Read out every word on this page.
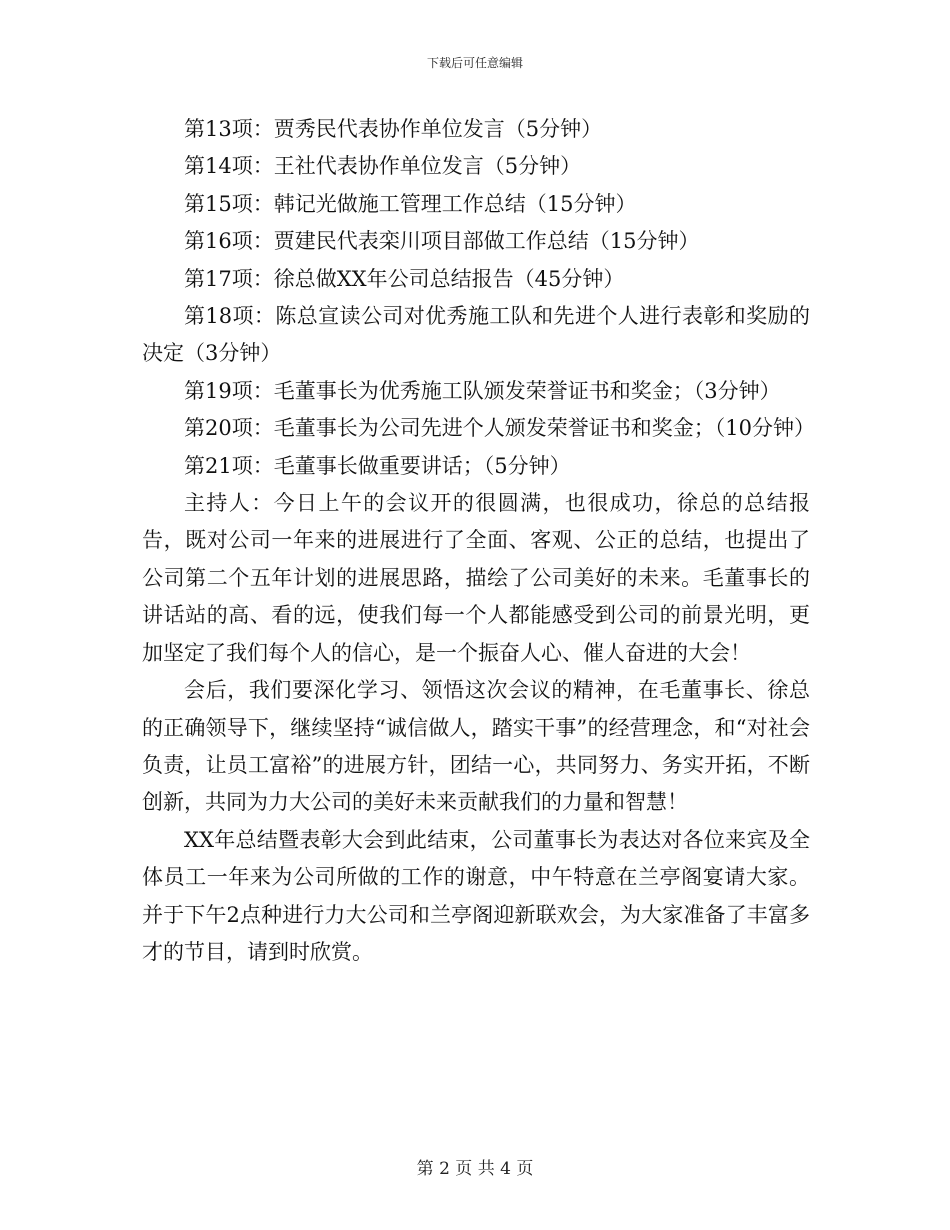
下载后可任意编辑

第13项：贾秀民代表协作单位发言（5分钟）

第14项：王社代表协作单位发言（5分钟）

第15项：韩记光做施工管理工作总结（15分钟）

第16项：贾建民代表栾川项目部做工作总结（15分钟）

第17项：徐总做XX年公司总结报告（45分钟）

第18项：陈总宣读公司对优秀施工队和先进个人进行表彰和奖励的决定（3分钟）

第19项：毛董事长为优秀施工队颁发荣誉证书和奖金；（3分钟）

第20项：毛董事长为公司先进个人颁发荣誉证书和奖金；（10分钟）

第21项：毛董事长做重要讲话；（5分钟）

主持人：今日上午的会议开的很圆满，也很成功，徐总的总结报告，既对公司一年来的进展进行了全面、客观、公正的总结，也提出了公司第二个五年计划的进展思路，描绘了公司美好的未来。毛董事长的讲话站的高、看的远，使我们每一个人都能感受到公司的前景光明，更加坚定了我们每个人的信心，是一个振奋人心、催人奋进的大会！

会后，我们要深化学习、领悟这次会议的精神，在毛董事长、徐总的正确领导下，继续坚持“诚信做人，踏实干事”的经营理念，和“对社会负责，让员工富裕”的进展方针，团结一心，共同努力、务实开拓，不断创新，共同为力大公司的美好未来贡献我们的力量和智慧！

XX年总结暨表彰大会到此结束，公司董事长为表达对各位来宾及全体员工一年来为公司所做的工作的谢意，中午特意在兰亭阁宴请大家。并于下午2点种进行力大公司和兰亭阁迎新联欢会，为大家准备了丰富多才的节目，请到时欣赏。

第 2 页 共 4 页
